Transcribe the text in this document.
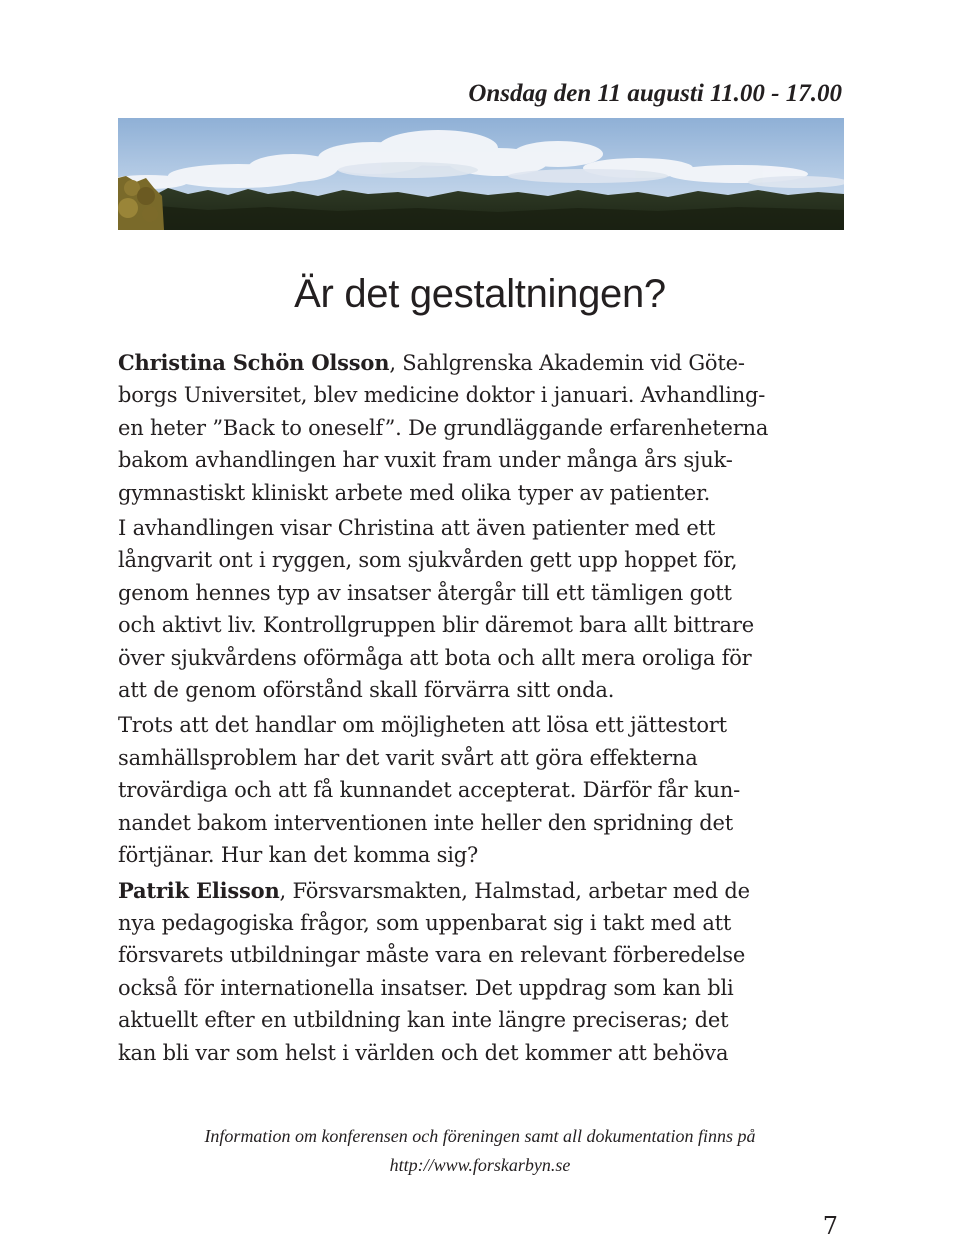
Onsdag den 11 augusti 11.00 - 17.00

Är det gestaltningen?

Christina Schön Olsson, Sahlgrenska Akademin vid Göte-
borgs Universitet, blev medicine doktor i januari. Avhandling-
en heter ”Back to oneself”. De grundläggande erfarenheterna
bakom avhandlingen har vuxit fram under många års sjuk-
gymnastiskt kliniskt arbete med olika typer av patienter.

I avhandlingen visar Christina att även patienter med ett
långvarit ont i ryggen, som sjukvården gett upp hoppet för,
genom hennes typ av insatser återgår till ett tämligen gott
och aktivt liv. Kontrollgruppen blir däremot bara allt bittrare
över sjukvårdens oförmåga att bota och allt mera oroliga för
att de genom oförstånd skall förvärra sitt onda.

Trots att det handlar om möjligheten att lösa ett jättestort
samhällsproblem har det varit svårt att göra effekterna
trovärdiga och att få kunnandet accepterat. Därför får kun-
nandet bakom interventionen inte heller den spridning det
förtjänar. Hur kan det komma sig?

Patrik Elisson, Försvarsmakten, Halmstad, arbetar med de
nya pedagogiska frågor, som uppenbarat sig i takt med att
försvarets utbildningar måste vara en relevant förberedelse
också för internationella insatser. Det uppdrag som kan bli
aktuellt efter en utbildning kan inte längre preciseras; det
kan bli var som helst i världen och det kommer att behöva

Information om konferensen och föreningen samt all dokumentation finns på
http://www.forskarbyn.se

7
